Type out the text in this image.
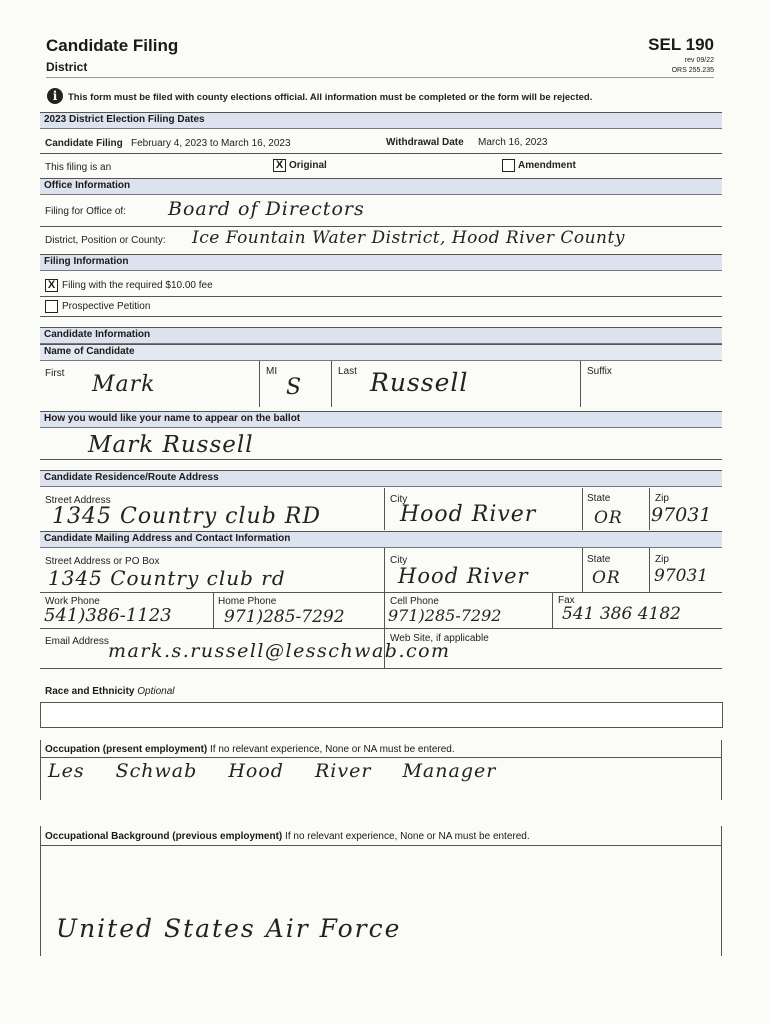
Candidate Filing
District
SEL 190
rev 09/22
ORS 255.235
i	This form must be filed with county elections official. All information must be completed or the form will be rejected.
2023 District Election Filing Dates
Candidate Filing February 4, 2023 to March 16, 2023	Withdrawal Date March 16, 2023
This filing is an	X Original	Amendment
Office Information
Filing for Office of: Board of Directors
District, Position or County: Ice Fountain Water District, Hood River County
Filing Information
X Filing with the required $10.00 fee
Prospective Petition
Candidate Information
Name of Candidate
First Mark
MI
S
Last Russell	Suffix
How you would like your name to appear on the ballot
Mark Russell
Candidate Residence/Route Address
Street Address
1345 Country club RD
City
Hood River
State
OR
Zip
97031
Candidate Mailing Address and Contact Information
Street Address or PO Box
1345 Country club rd
City
Hood River
State
OR
Zip
97031
Work Phone
541)386-1123
Home Phone
971)285-7292
Cell Phone
971)285-7292
Fax
541 386 4182
Email Address mark.s.russell@lesschwab.com
Web Site, if applicable
Race and Ethnicity Optional
Occupation (present employment) If no relevant experience, None or NA must be entered.
Les Schwab Hood River Manager
Occupational Background (previous employment) If no relevant experience, None or NA must be entered.
United States Air Force
